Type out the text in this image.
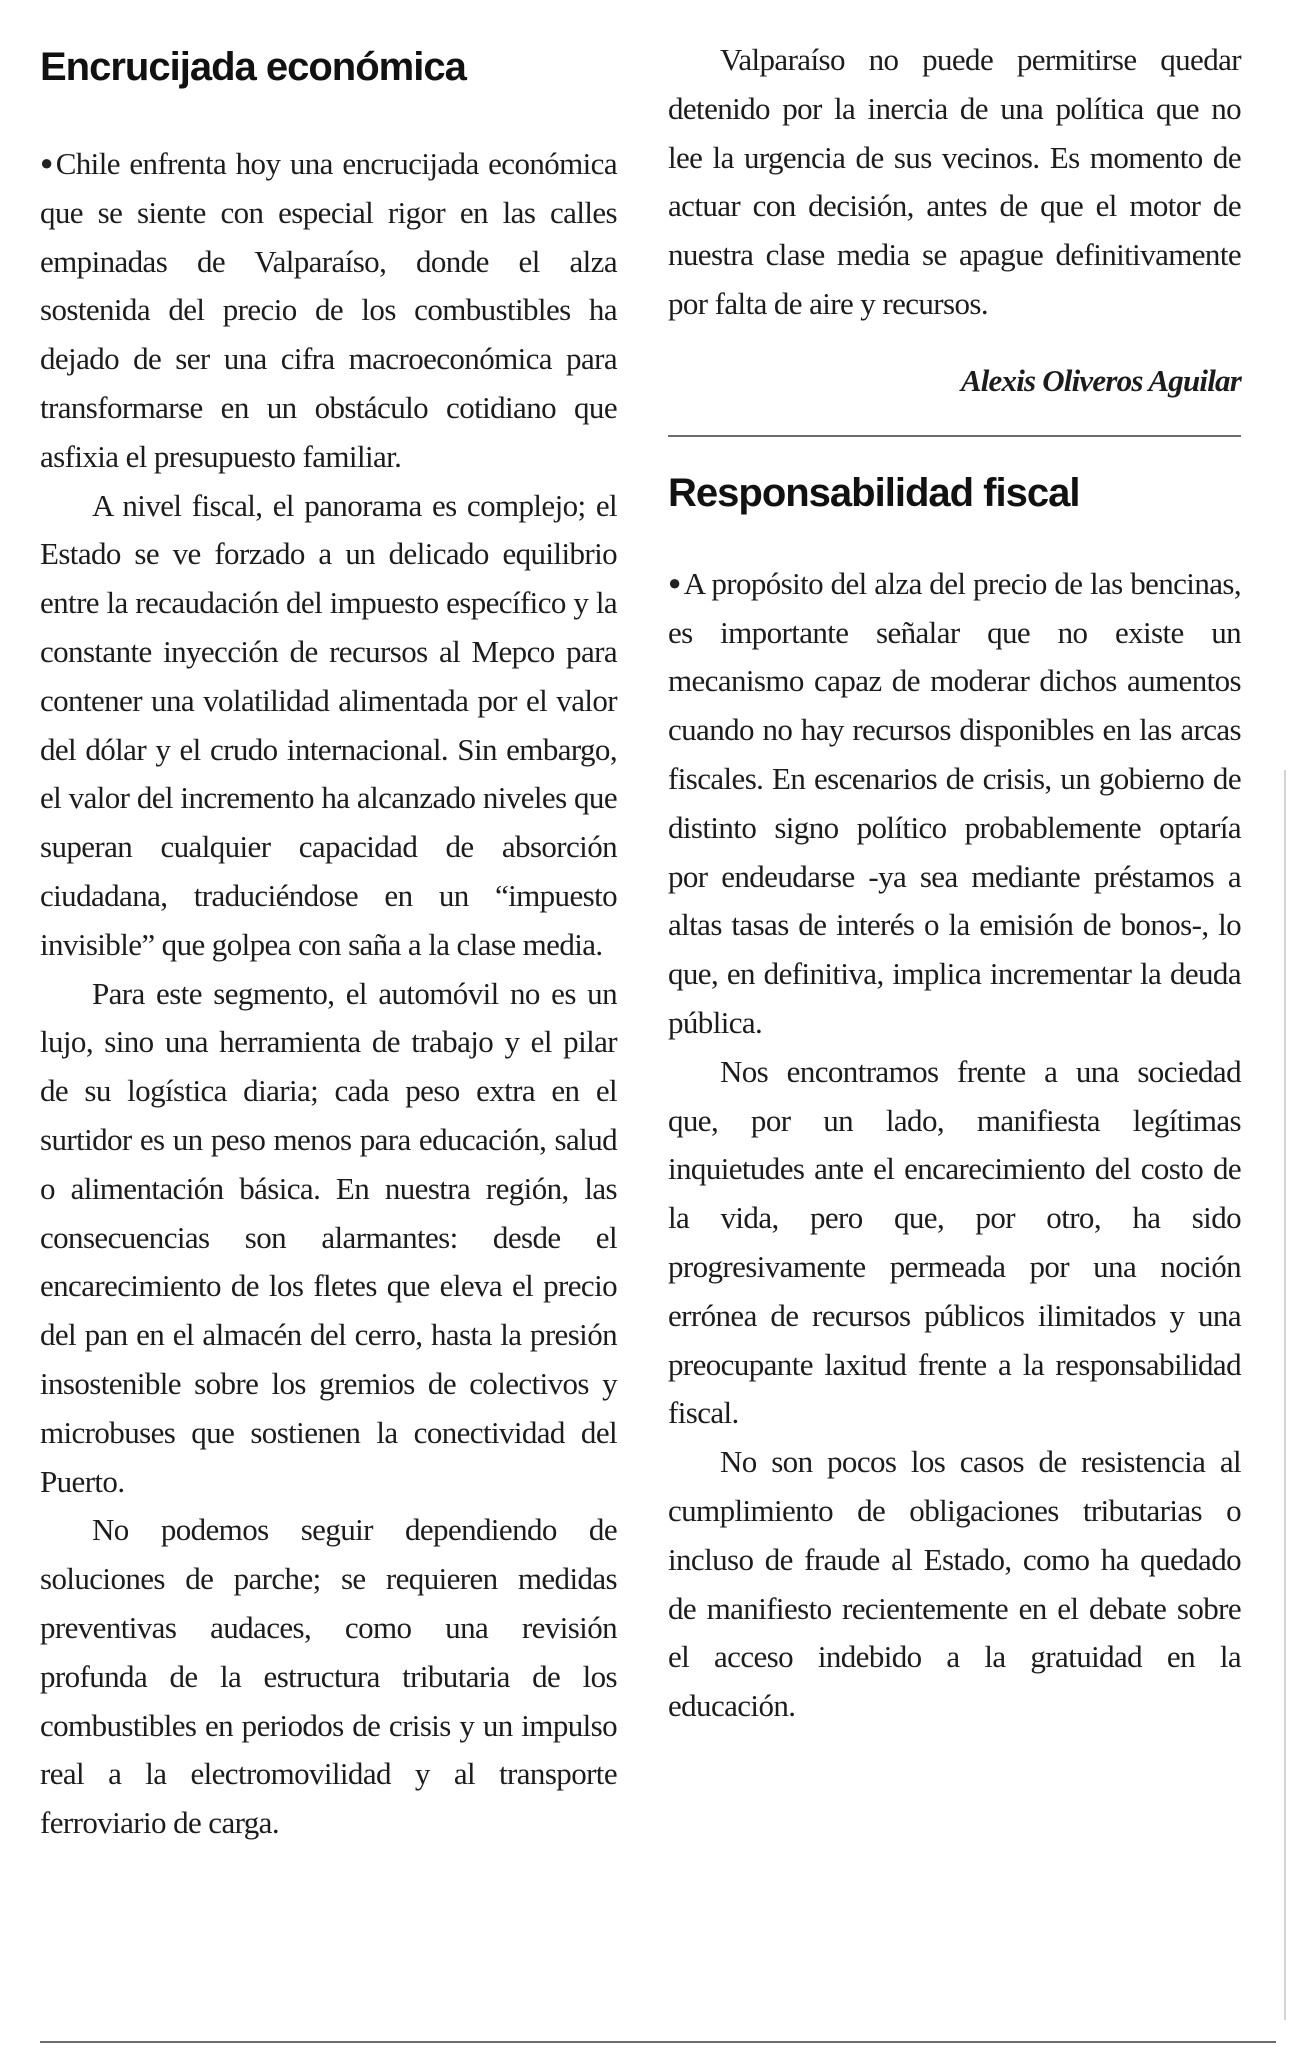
Encrucijada económica

●Chile enfrenta hoy una encrucijada económica que se siente con especial rigor en las calles empinadas de Valparaíso, donde el alza sostenida del precio de los combustibles ha dejado de ser una cifra macroeconómica para transformarse en un obstáculo cotidiano que asfixia el presupuesto familiar.

A nivel fiscal, el panorama es complejo; el Estado se ve forzado a un delicado equilibrio entre la recaudación del impuesto específico y la constante inyección de recursos al Mepco para contener una volatilidad alimentada por el valor del dólar y el crudo internacional. Sin embargo, el valor del incremento ha alcanzado niveles que superan cualquier capacidad de absorción ciudadana, traduciéndose en un “impuesto invisible” que golpea con saña a la clase media.

Para este segmento, el automóvil no es un lujo, sino una herramienta de trabajo y el pilar de su logística diaria; cada peso extra en el surtidor es un peso menos para educación, salud o alimentación básica. En nuestra región, las consecuencias son alarmantes: desde el encarecimiento de los fletes que eleva el precio del pan en el almacén del cerro, hasta la presión insostenible sobre los gremios de colectivos y microbuses que sostienen la conectividad del Puerto.

No podemos seguir dependiendo de soluciones de parche; se requieren medidas preventivas audaces, como una revisión profunda de la estructura tributaria de los combustibles en periodos de crisis y un impulso real a la electromovilidad y al transporte ferroviario de carga.

Valparaíso no puede permitirse quedar detenido por la inercia de una política que no lee la urgencia de sus vecinos. Es momento de actuar con decisión, antes de que el motor de nuestra clase media se apague definitivamente por falta de aire y recursos.

Alexis Oliveros Aguilar

Responsabilidad fiscal

●A propósito del alza del precio de las bencinas, es importante señalar que no existe un mecanismo capaz de moderar dichos aumentos cuando no hay recursos disponibles en las arcas fiscales. En escenarios de crisis, un gobierno de distinto signo político probablemente optaría por endeudarse -ya sea mediante préstamos a altas tasas de interés o la emisión de bonos-, lo que, en definitiva, implica incrementar la deuda pública.

Nos encontramos frente a una sociedad que, por un lado, manifiesta legítimas inquietudes ante el encarecimiento del costo de la vida, pero que, por otro, ha sido progresivamente permeada por una noción errónea de recursos públicos ilimitados y una preocupante laxitud frente a la responsabilidad fiscal.

No son pocos los casos de resistencia al cumplimiento de obligaciones tributarias o incluso de fraude al Estado, como ha quedado de manifiesto recientemente en el debate sobre el acceso indebido a la gratuidad en la educación.
